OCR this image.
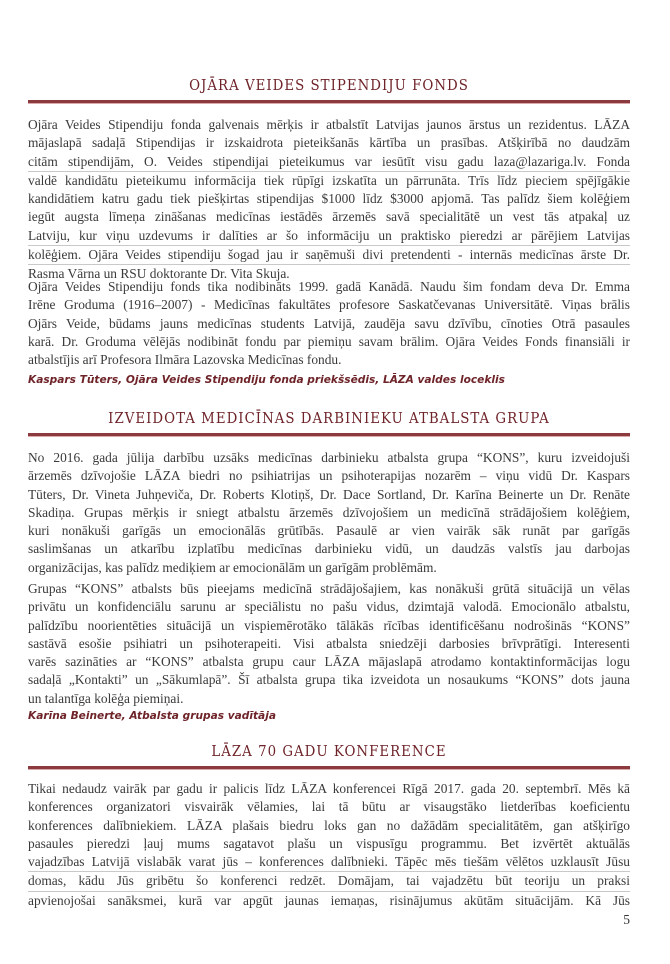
OJĀRA VEIDES STIPENDIJU FONDS
Ojāra Veides Stipendiju fonda galvenais mērķis ir atbalstīt Latvijas jaunos ārstus un rezidentus. LĀZA
mājaslapā sadaļā Stipendijas ir izskaidrota pieteikšanās kārtība un prasības. Atšķirībā no daudzām
citām stipendijām, O. Veides stipendijai pieteikumus var iesūtīt visu gadu laza@lazariga.lv. Fonda
valdē kandidātu pieteikumu informācija tiek rūpīgi izskatīta un pārrunāta. Trīs līdz pieciem spējīgākie
kandidātiem katru gadu tiek piešķirtas stipendijas $1000 līdz $3000 apjomā. Tas palīdz šiem kolēģiem
iegūt augsta līmeņa zināšanas medicīnas iestādēs ārzemēs savā specialitātē un vest tās atpakaļ uz
Latviju, kur viņu uzdevums ir dalīties ar šo informāciju un praktisko pieredzi ar pārējiem Latvijas
kolēģiem. Ojāra Veides stipendiju šogad jau ir saņēmuši divi pretendenti - internās medicīnas ārste Dr.
Rasma Vārna un RSU doktorante Dr. Vita Skuja.
Ojāra Veides Stipendiju fonds tika nodibināts 1999. gadā Kanādā. Naudu šim fondam deva Dr. Emma
Irēne Groduma (1916–2007) - Medicīnas fakultātes profesore Saskatčevanas Universitātē. Viņas brālis
Ojārs Veide, būdams jauns medicīnas students Latvijā, zaudēja savu dzīvību, cīnoties Otrā pasaules
karā. Dr. Groduma vēlējās nodibināt fondu par piemiņu savam brālim. Ojāra Veides Fonds finansiāli ir
atbalstījis arī Profesora Ilmāra Lazovska Medicīnas fondu.
Kaspars Tūters, Ojāra Veides Stipendiju fonda priekšsēdis, LĀZA valdes loceklis
IZVEIDOTA MEDICĪNAS DARBINIEKU ATBALSTA GRUPA
No 2016. gada jūlija darbību uzsāks medicīnas darbinieku atbalsta grupa “KONS”, kuru izveidojuši
ārzemēs dzīvojošie LĀZA biedri no psihiatrijas un psihoterapijas nozarēm – viņu vidū Dr. Kaspars
Tūters, Dr. Vineta Juhņeviča, Dr. Roberts Klotiņš, Dr. Dace Sortland, Dr. Karīna Beinerte un Dr. Renāte
Skadiņa. Grupas mērķis ir sniegt atbalstu ārzemēs dzīvojošiem un medicīnā strādājošiem kolēģiem,
kuri nonākuši garīgās un emocionālās grūtībās. Pasaulē ar vien vairāk sāk runāt par garīgās
saslimšanas un atkarību izplatību medicīnas darbinieku vidū, un daudzās valstīs jau darbojas
organizācijas, kas palīdz mediķiem ar emocionālām un garīgām problēmām.
Grupas “KONS” atbalsts būs pieejams medicīnā strādājošajiem, kas nonākuši grūtā situācijā un vēlas
privātu un konfidenciālu sarunu ar speciālistu no pašu vidus, dzimtajā valodā. Emocionālo atbalstu,
palīdzību noorientēties situācijā un vispiemērotāko tālākās rīcības identificēšanu nodrošinās “KONS”
sastāvā esošie psihiatri un psihoterapeiti. Visi atbalsta sniedzēji darbosies brīvprātīgi. Interesenti
varēs sazināties ar “KONS” atbalsta grupu caur LĀZA mājaslapā atrodamo kontaktinformācijas logu
sadaļā „Kontakti” un „Sākumlapā”. Šī atbalsta grupa tika izveidota un nosaukums “KONS” dots jauna
un talantīga kolēģa piemiņai.
Karīna Beinerte, Atbalsta grupas vadītāja
LĀZA 70 GADU KONFERENCE
Tikai nedaudz vairāk par gadu ir palicis līdz LĀZA konferencei Rīgā 2017. gada 20. septembrī. Mēs kā
konferences organizatori visvairāk vēlamies, lai tā būtu ar visaugstāko lietderības koeficientu
konferences dalībniekiem. LĀZA plašais biedru loks gan no dažādām specialitātēm, gan atšķirīgo
pasaules pieredzi ļauj mums sagatavot plašu un vispusīgu programmu. Bet izvērtēt aktuālās
vajadzības Latvijā vislabāk varat jūs – konferences dalībnieki. Tāpēc mēs tiešām vēlētos uzklausīt Jūsu
domas, kādu Jūs gribētu šo konferenci redzēt. Domājam, tai vajadzētu būt teoriju un praksi
apvienojošai sanāksmei, kurā var apgūt jaunas iemaņas, risinājumus akūtām situācijām. Kā Jūs
5
